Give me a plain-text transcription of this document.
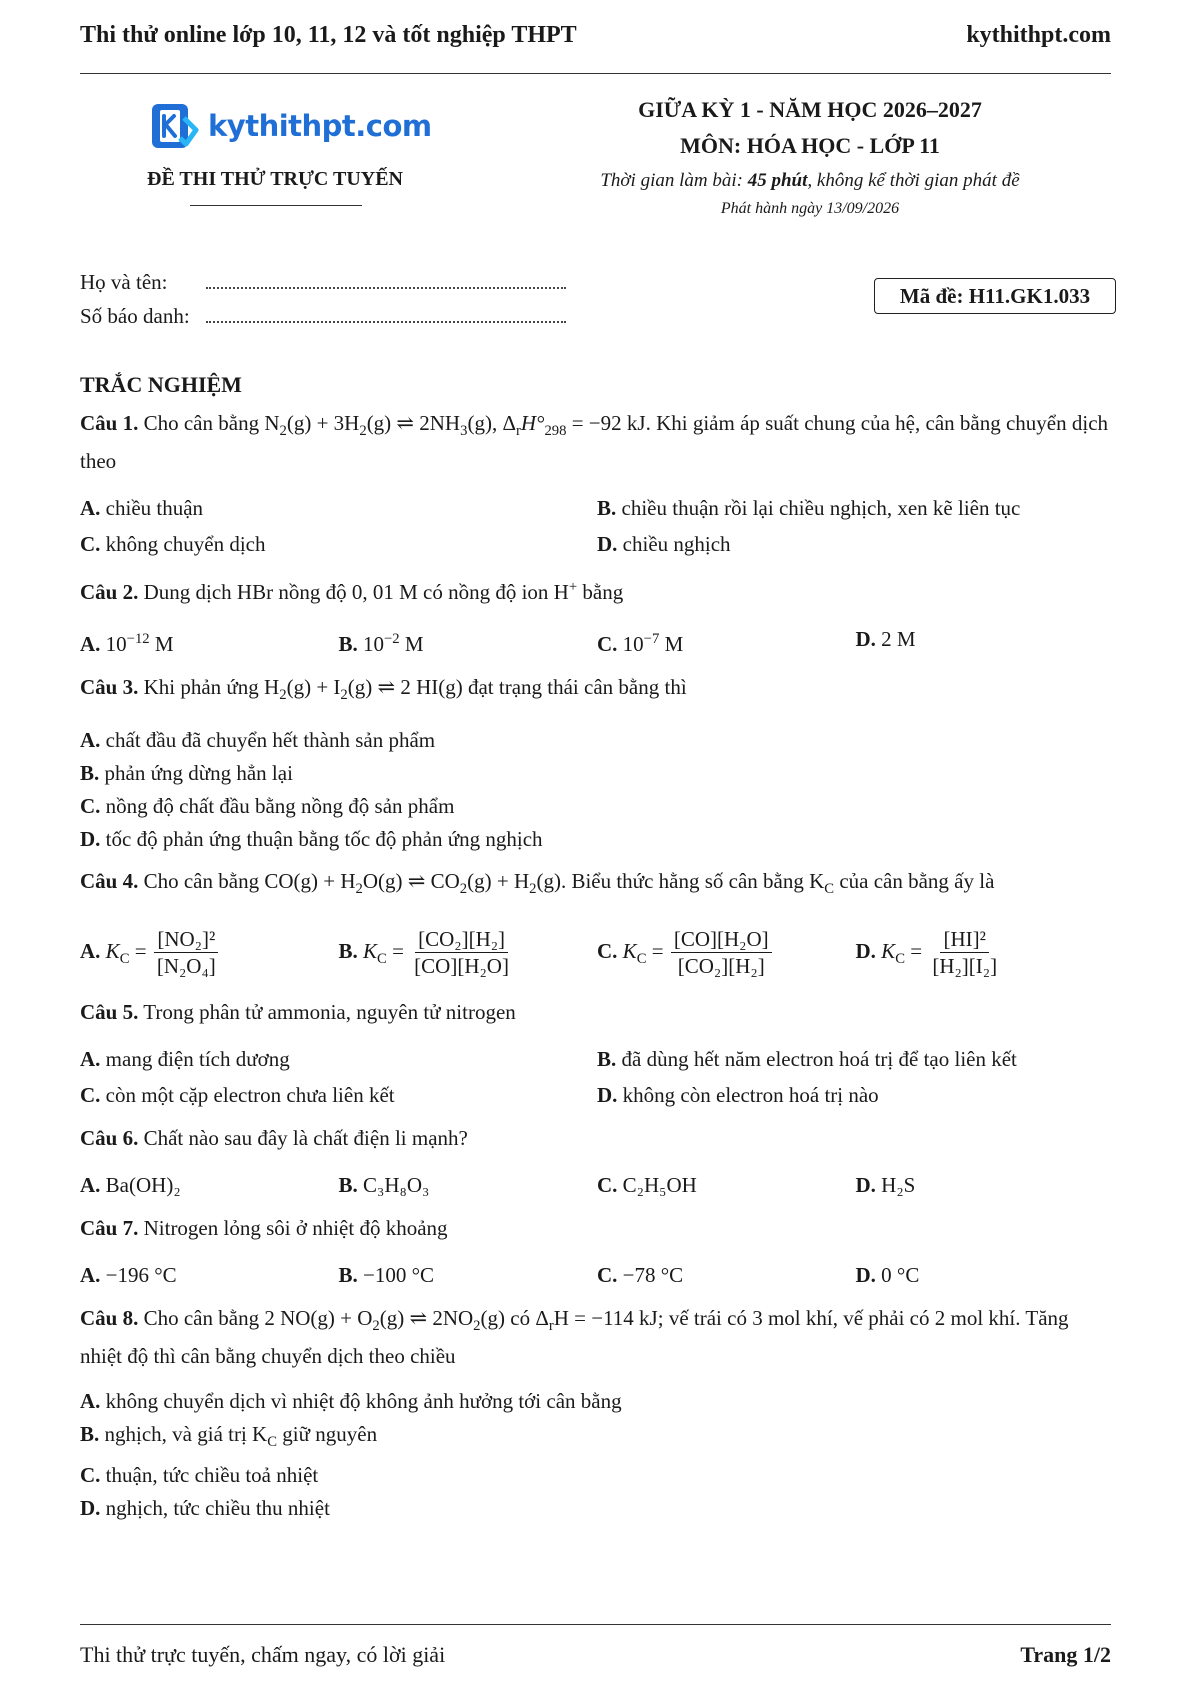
Thi thử online lớp 10, 11, 12 và tốt nghiệp THPT	kythithpt.com
kythithpt.com
ĐỀ THI THỬ TRỰC TUYẾN
GIỮA KỲ 1 - NĂM HỌC 2026–2027
MÔN: HÓA HỌC - LỚP 11
Thời gian làm bài: 45 phút, không kể thời gian phát đề
Phát hành ngày 13/09/2026
Họ và tên:
Số báo danh:
Mã đề: H11.GK1.033
TRẮC NGHIỆM
Câu 1. Cho cân bằng $N_2(g) + 3H_2(g)$ ⇌ $2NH_3(g)$, $\Delta_rH^\circ_{298} = -92$ kJ. Khi giảm áp suất chung của hệ, cân bằng chuyển dịch theo
A. chiều thuận	B. chiều thuận rồi lại chiều nghịch, xen kẽ liên tục
C. không chuyển dịch	D. chiều nghịch
Câu 2. Dung dịch HBr nồng độ 0, 01 M có nồng độ ion H+ bằng
A. $10^{-12}$ M	B. $10^{-2}$ M	C. $10^{-7}$ M	D. 2 M
Câu 3. Khi phản ứng $H_2(g) + I_2(g)$ ⇌ 2 HI(g) đạt trạng thái cân bằng thì
A. chất đầu đã chuyển hết thành sản phẩm
B. phản ứng dừng hẳn lại
C. nồng độ chất đầu bằng nồng độ sản phẩm
D. tốc độ phản ứng thuận bằng tốc độ phản ứng nghịch
Câu 4. Cho cân bằng $CO(g) + H_2O(g)$ ⇌ $CO_2(g) + H_2(g)$. Biểu thức hằng số cân bằng $K_C$ của cân bằng ấy là
A. $K_C = \frac{\text{[NO₂]²}}{\text{[N₂O₄]}}$	B. $K_C = \frac{\text{[CO₂][H₂]}}{\text{[CO][H₂O]}}$	C. $K_C = \frac{\text{[CO][H₂O]}}{\text{[CO₂][H₂]}}$	D. $K_C = \frac{\text{[HI]²}}{\text{[H₂][I₂]}}$
Câu 5. Trong phân tử ammonia, nguyên tử nitrogen
A. mang điện tích dương	B. đã dùng hết năm electron hoá trị để tạo liên kết
C. còn một cặp electron chưa liên kết	D. không còn electron hoá trị nào
Câu 6. Chất nào sau đây là chất điện li mạnh?
A. Ba(OH)₂	B. C₃H₈O₃	C. C₂H₅OH	D. H₂S
Câu 7. Nitrogen lỏng sôi ở nhiệt độ khoảng
A. −196 °C	B. −100 °C	C. −78 °C	D. 0 °C
Câu 8. Cho cân bằng 2 $NO(g) + O_2(g)$ ⇌ $2NO_2(g)$ có $\Delta_rH = -114$ kJ; vế trái có 3 mol khí, vế phải có 2 mol khí. Tăng nhiệt độ thì cân bằng chuyển dịch theo chiều
A. không chuyển dịch vì nhiệt độ không ảnh hưởng tới cân bằng
B. nghịch, và giá trị $K_C$ giữ nguyên
C. thuận, tức chiều toả nhiệt
D. nghịch, tức chiều thu nhiệt
Thi thử trực tuyến, chấm ngay, có lời giải	Trang 1/2
